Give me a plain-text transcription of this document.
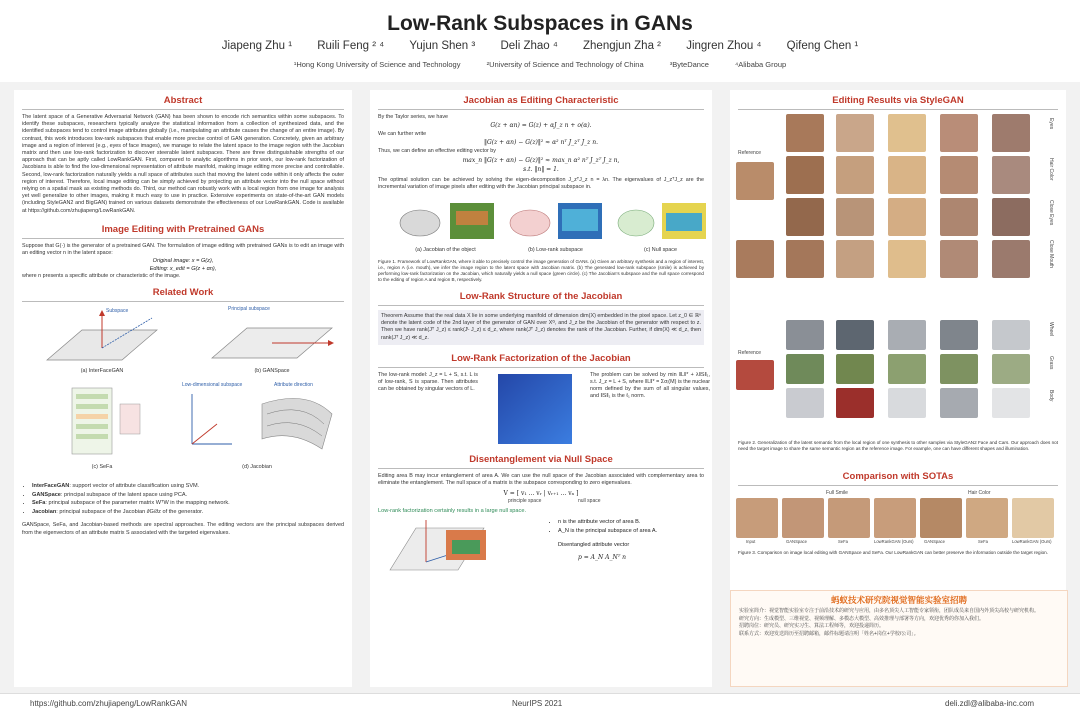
Low-Rank Subspaces in GANs
Jiapeng Zhu ¹ Ruili Feng ² ⁴ Yujun Shen ³ Deli Zhao ⁴ Zhengjun Zha ² Jingren Zhou ⁴ Qifeng Chen ¹
¹Hong Kong University of Science and Technology	²University of Science and Technology of China	³ByteDance	⁴Alibaba Group
Abstract

The latent space of a Generative Adversarial Network (GAN) has been shown to encode rich semantics within some subspaces. To identify these subspaces, researchers typically analyze the statistical information from a collection of synthesized data, and the identified subspaces tend to control image attributes globally (i.e., manipulating an attribute causes the change of an entire image). By contrast, this work introduces low-rank subspaces that enable more precise control of GAN generation. Concretely, given an arbitrary image and a region of interest (e.g., eyes of face images), we manage to relate the latent space to the image region with the Jacobian matrix and then use low-rank factorization to discover steerable latent subspaces. There are three distinguishable strengths of our approach that can be aptly called LowRankGAN. First, compared to analytic algorithms in prior work, our low-rank factorization of Jacobians is able to find the low-dimensional representation of attribute manifold, making image editing more precise and controllable. Second, low-rank factorization naturally yields a null space of attributes such that moving the latent code within it only affects the outer region of interest. Therefore, local image editing can be simply achieved by projecting an attribute vector into the null space without relying on a spatial mask as existing methods do. Third, our method can robustly work with a local region from one image for analysis yet well generalize to other images, making it much easy to use in practice. Extensive experiments on state-of-the-art GAN models (including StyleGAN2 and BigGAN) trained on various datasets demonstrate the effectiveness of our LowRankGAN. Code is available at https://github.com/zhujiapeng/LowRankGAN.

Image Editing with Pretrained GANs

Suppose that G(·) is the generator of a pretrained GAN. The formulation of image editing with pretrained GANs is to edit an image with an editing vector n in the latent space:

Original image: x = G(z),
Editing: x_edit = G(z + αn),

where n presents a specific attribute or characteristic of the image.

Related Work
Subspace
(a) InterFaceGAN
Principal subspace
(b) GANSpace
(c) SeFa
Low-dimensional subspace	Attribute direction
(d) Jacobian
• InterFaceGAN: support vector of attribute classification using SVM.
• GANSpace: principal subspace of the latent space using PCA.
• SeFa: principal subspace of the parameter matrix WᵀW in the mapping network.
• Jacobian: principal subspace of the Jacobian ∂G/∂z of the generator.

GANSpace, SeFa, and Jacobian-based methods are spectral approaches. The editing vectors are the principal subspaces derived from the eigenvectors of an attribute matrix S associated with the targeted eigenvalues.

Jacobian as Editing Characteristic

By the Taylor series, we have

G(z + αn) = G(z) + αJ_z n + o(α).

We can further write

‖G(z + αn) − G(z)‖² ≈ α² nᵀ J_zᵀ J_z n.

Thus, we can define an effective editing vector by

max_n ‖G(z + αn) − G(z)‖² ≈ max_n α² nᵀ J_zᵀ J_z n,
s.t. ‖n‖ = 1.

The optimal solution can be achieved by solving the eigen-decomposition J_zᵀJ_z n = λn. The eigenvalues of J_zᵀJ_z are the incremental variation of image pixels after editing with the Jacobian principal subspace in.

(a) Jacobian of the object	(b) Low-rank subspace	(c) Null space

Figure 1. Framework of LowRankGAN, where it able to precisely control the image generation of GANs. (a) Given an arbitrary synthesis and a region of interest, i.e., region A (i.e. mouth), we infer the image region to the latent space with Jacobian matrix. (b) The generated low-rank subspace (smile) is achieved by performing low-rank factorization on the Jacobian, which naturally yields a null space (green circle). (c) The Jacobian's subspace and the null space correspond to the editing of region A and region B, respectively.

Low-Rank Structure of the Jacobian

Theorem Assume that the real data X lie in some underlying manifold of dimension dim(X) embedded in the pixel space. Let z_0 ∈ ℝⁿ denote the latent code of the 2nd layer of the generator of GAN over Xᴳ, and J_z be the Jacobian of the generator with respect to z. Then we have rank(Jᵀ J_z) ≤ rank(Jᴸ J_z) ≤ d_z, where rank(Jᵀ J_z) denotes the rank of the Jacobian. Further, if dim(X) ≪ d_z, then rank(Jᵀ J_z) ≪ d_z.

Low-Rank Factorization of the Jacobian
The low-rank model: J_z = L + S, s.t. L is of low-rank, S is sparse. Then attributes can be obtained by singular vectors of L.
The problem can be solved by min ‖L‖* + λ‖S‖₁, s.t. J_z = L + S, where ‖L‖* = Σσᵢ(M) is the nuclear norm defined by the sum of all singular values, and ‖S‖₁ is the ℓ₁ norm.
Disentanglement via Null Space

Editing area B may incur entanglement of area A. We can use the null space of the Jacobian associated with complementary area to eliminate the entanglement. The null space of a matrix is the subspace corresponding to zero eigenvalues.

V = [ v₁ ... vᵣ | vᵣ₊₁ ... vₙ ]
principle space	null space
Low-rank factorization certainly results in a large null space.
• n is the attribute vector of area B.
• A_N is the principal subspace of area A.
Disentangled attribute vector
p = A_N A_Nᵀ n
Editing Results via StyleGAN
Reference
Eyes
Hair Color
Close Eyes
Close Mouth
Reference
Wheel
Grass
Body

Figure 2. Generalization of the latent semantic from the local region of one synthesis to other samples via StyleGAN2 Face and Cars. Our approach does not need the target image to share the same semantic region as the reference image. For example, one can have different shapes and illumination.

Comparison with SOTAs
Full Smile	Hair Color
Input	GANSpace	SeFa	LowRankGAN (Ours) GANSpace	SeFa	LowRankGAN (Ours)

Figure 3. Comparison on image local editing with GANSpace and SeFa. Our LowRankGAN can better preserve the information outside the target region.

蚂蚁技术研究院视觉智能实验室招聘
实验室简介：视觉智能实验室专注于前沿技术的研究与应用，由多名顶尖人工智能专家领衔，团队成员来自国内外顶尖高校与研究机构。
研究方向：生成模型、三维视觉、视频理解、多模态大模型、高效推理与部署等方向，欢迎优秀的你加入我们。
招聘岗位：研究员、研究实习生、算法工程师等，欢迎投递简历。
联系方式：欢迎发送简历至招聘邮箱，邮件标题请注明「姓名+岗位+学校/公司」。
https://github.com/zhujiapeng/LowRankGAN	NeurIPS 2021	deli.zdl@alibaba-inc.com
